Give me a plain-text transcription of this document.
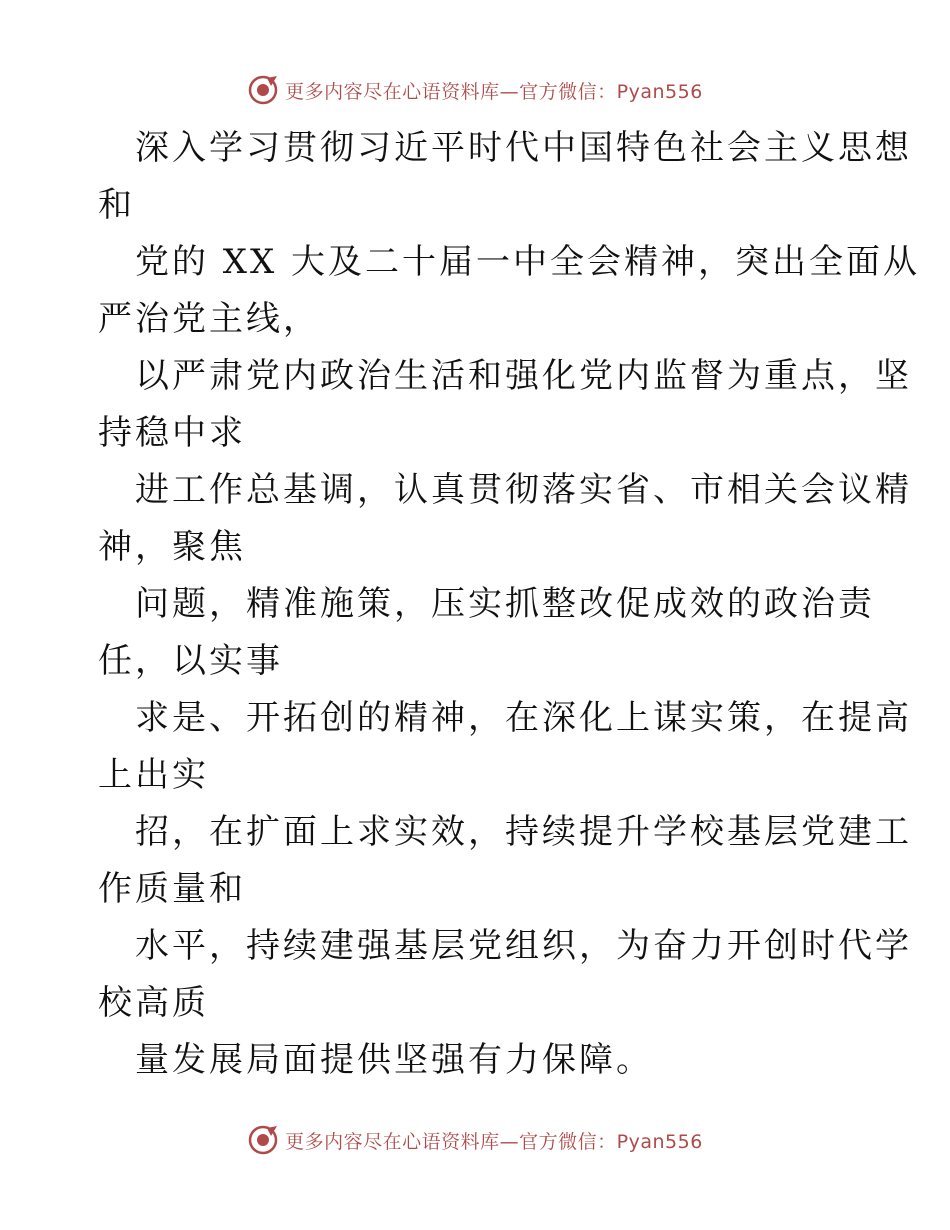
更多内容尽在心语资料库—官方微信：Pyan556

深入学习贯彻习近平时代中国特色社会主义思想
和

党的 XX 大及二十届一中全会精神，突出全面从
严治党主线，

以严肃党内政治生活和强化党内监督为重点，坚
持稳中求

进工作总基调，认真贯彻落实省、市相关会议精
神，聚焦

问题，精准施策，压实抓整改促成效的政治责
任，以实事

求是、开拓创的精神，在深化上谋实策，在提高
上出实

招，在扩面上求实效，持续提升学校基层党建工
作质量和

水平，持续建强基层党组织，为奋力开创时代学
校高质

量发展局面提供坚强有力保障。

更多内容尽在心语资料库—官方微信：Pyan556
